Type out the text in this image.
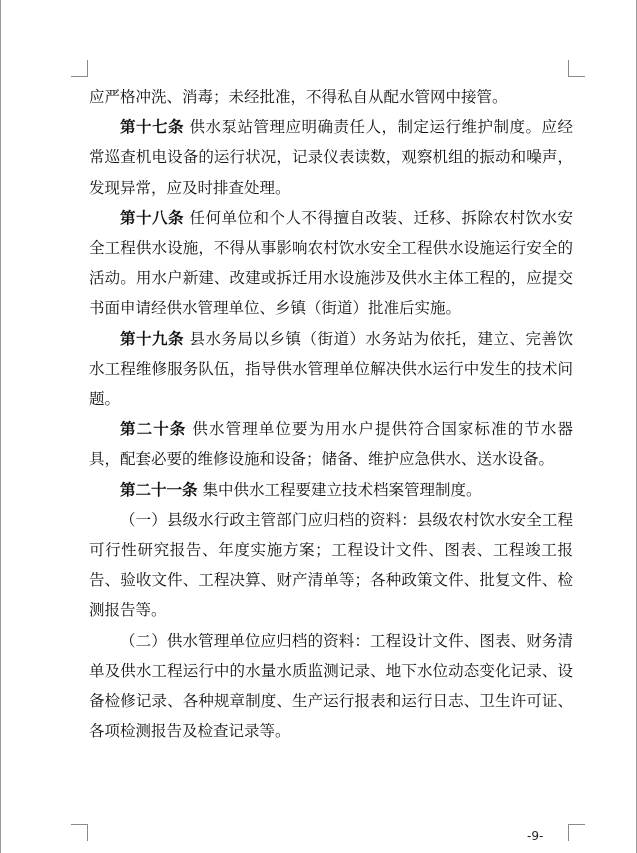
应严格冲洗、消毒；未经批准，不得私自从配水管网中接管。

第十七条 供水泵站管理应明确责任人，制定运行维护制度。应经常巡查机电设备的运行状况，记录仪表读数，观察机组的振动和噪声，发现异常，应及时排查处理。

第十八条 任何单位和个人不得擅自改装、迁移、拆除农村饮水安全工程供水设施，不得从事影响农村饮水安全工程供水设施运行安全的活动。用水户新建、改建或拆迁用水设施涉及供水主体工程的，应提交书面申请经供水管理单位、乡镇（街道）批准后实施。

第十九条 县水务局以乡镇（街道）水务站为依托，建立、完善饮水工程维修服务队伍，指导供水管理单位解决供水运行中发生的技术问题。

第二十条 供水管理单位要为用水户提供符合国家标准的节水器具，配套必要的维修设施和设备；储备、维护应急供水、送水设备。

第二十一条 集中供水工程要建立技术档案管理制度。

（一）县级水行政主管部门应归档的资料：县级农村饮水安全工程可行性研究报告、年度实施方案；工程设计文件、图表、工程竣工报告、验收文件、工程决算、财产清单等；各种政策文件、批复文件、检测报告等。

（二）供水管理单位应归档的资料：工程设计文件、图表、财务清单及供水工程运行中的水量水质监测记录、地下水位动态变化记录、设备检修记录、各种规章制度、生产运行报表和运行日志、卫生许可证、各项检测报告及检查记录等。

-9-
